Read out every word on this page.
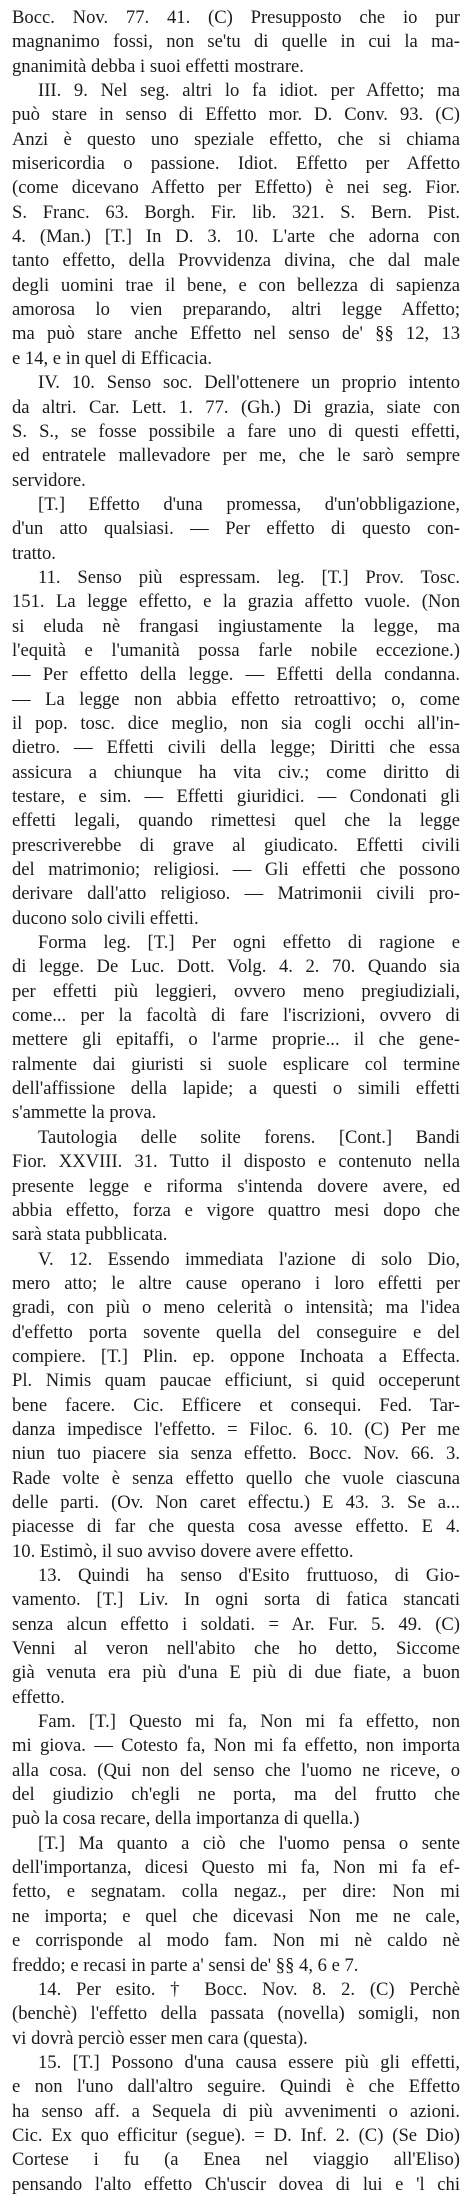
Bocc. Nov. 77. 41. (C) Presupposto che io pur
magnanimo fossi, non se'tu di quelle in cui la ma-
gnanimità debba i suoi effetti mostrare.
III. 9. Nel seg. altri lo fa idiot. per Affetto; ma
può stare in senso di Effetto mor. D. Conv. 93. (C)
Anzi è questo uno speziale effetto, che si chiama
misericordia o passione. Idiot. Effetto per Affetto
(come dicevano Affetto per Effetto) è nei seg. Fior.
S. Franc. 63. Borgh. Fir. lib. 321. S. Bern. Pist.
4. (Man.) [T.] In D. 3. 10. L'arte che adorna con
tanto effetto, della Provvidenza divina, che dal male
degli uomini trae il bene, e con bellezza di sapienza
amorosa lo vien preparando, altri legge Affetto;
ma può stare anche Effetto nel senso de' §§ 12, 13
e 14, e in quel di Efficacia.
IV. 10. Senso soc. Dell'ottenere un proprio intento
da altri. Car. Lett. 1. 77. (Gh.) Di grazia, siate con
S. S., se fosse possibile a fare uno di questi effetti,
ed entratele mallevadore per me, che le sarò sempre
servidore.
[T.] Effetto d'una promessa, d'un'obbligazione,
d'un atto qualsiasi. — Per effetto di questo con-
tratto.
11. Senso più espressam. leg. [T.] Prov. Tosc.
151. La legge effetto, e la grazia affetto vuole. (Non
si eluda nè frangasi ingiustamente la legge, ma
l'equità e l'umanità possa farle nobile eccezione.)
— Per effetto della legge. — Effetti della condanna.
— La legge non abbia effetto retroattivo; o, come
il pop. tosc. dice meglio, non sia cogli occhi all'in-
dietro. — Effetti civili della legge; Diritti che essa
assicura a chiunque ha vita civ.; come diritto di
testare, e sim. — Effetti giuridici. — Condonati gli
effetti legali, quando rimettesi quel che la legge
prescriverebbe di grave al giudicato. Effetti civili
del matrimonio; religiosi. — Gli effetti che possono
derivare dall'atto religioso. — Matrimonii civili pro-
ducono solo civili effetti.
Forma leg. [T.] Per ogni effetto di ragione e
di legge. De Luc. Dott. Volg. 4. 2. 70. Quando sia
per effetti più leggieri, ovvero meno pregiudiziali,
come... per la facoltà di fare l'iscrizioni, ovvero di
mettere gli epitaffi, o l'arme proprie... il che gene-
ralmente dai giuristi si suole esplicare col termine
dell'affissione della lapide; a questi o simili effetti
s'ammette la prova.
Tautologia delle solite forens. [Cont.] Bandi
Fior. XXVIII. 31. Tutto il disposto e contenuto nella
presente legge e riforma s'intenda dovere avere, ed
abbia effetto, forza e vigore quattro mesi dopo che
sarà stata pubblicata.
V. 12. Essendo immediata l'azione di solo Dio,
mero atto; le altre cause operano i loro effetti per
gradi, con più o meno celerità o intensità; ma l'idea
d'effetto porta sovente quella del conseguire e del
compiere. [T.] Plin. ep. oppone Inchoata a Effecta.
Pl. Nimis quam paucae efficiunt, si quid occeperunt
bene facere. Cic. Efficere et consequi. Fed. Tar-
danza impedisce l'effetto. = Filoc. 6. 10. (C) Per me
niun tuo piacere sia senza effetto. Bocc. Nov. 66. 3.
Rade volte è senza effetto quello che vuole ciascuna
delle parti. (Ov. Non caret effectu.) E 43. 3. Se a...
piacesse di far che questa cosa avesse effetto. E 4.
10. Estimò, il suo avviso dovere avere effetto.
13. Quindi ha senso d'Esito fruttuoso, di Gio-
vamento. [T.] Liv. In ogni sorta di fatica stancati
senza alcun effetto i soldati. = Ar. Fur. 5. 49. (C)
Venni al veron nell'abito che ho detto, Siccome
già venuta era più d'una E più di due fiate, a buon
effetto.
Fam. [T.] Questo mi fa, Non mi fa effetto, non
mi giova. — Cotesto fa, Non mi fa effetto, non importa
alla cosa. (Qui non del senso che l'uomo ne riceve, o
del giudizio ch'egli ne porta, ma del frutto che
può la cosa recare, della importanza di quella.)
[T.] Ma quanto a ciò che l'uomo pensa o sente
dell'importanza, dicesi Questo mi fa, Non mi fa ef-
fetto, e segnatam. colla negaz., per dire: Non mi
ne importa; e quel che dicevasi Non me ne cale,
e corrisponde al modo fam. Non mi nè caldo nè
freddo; e recasi in parte a' sensi de' §§ 4, 6 e 7.
14. Per esito. † Bocc. Nov. 8. 2. (C) Perchè
(benchè) l'effetto della passata (novella) somigli, non
vi dovrà perciò esser men cara (questa).
15. [T.] Possono d'una causa essere più gli effetti,
e non l'uno dall'altro seguire. Quindi è che Effetto
ha senso aff. a Sequela di più avvenimenti o azioni.
Cic. Ex quo efficitur (segue). = D. Inf. 2. (C) (Se Dio)
Cortese i fu (a Enea nel viaggio all'Eliso)
pensando l'alto effetto Ch'uscir dovea di lui e 'l chi
